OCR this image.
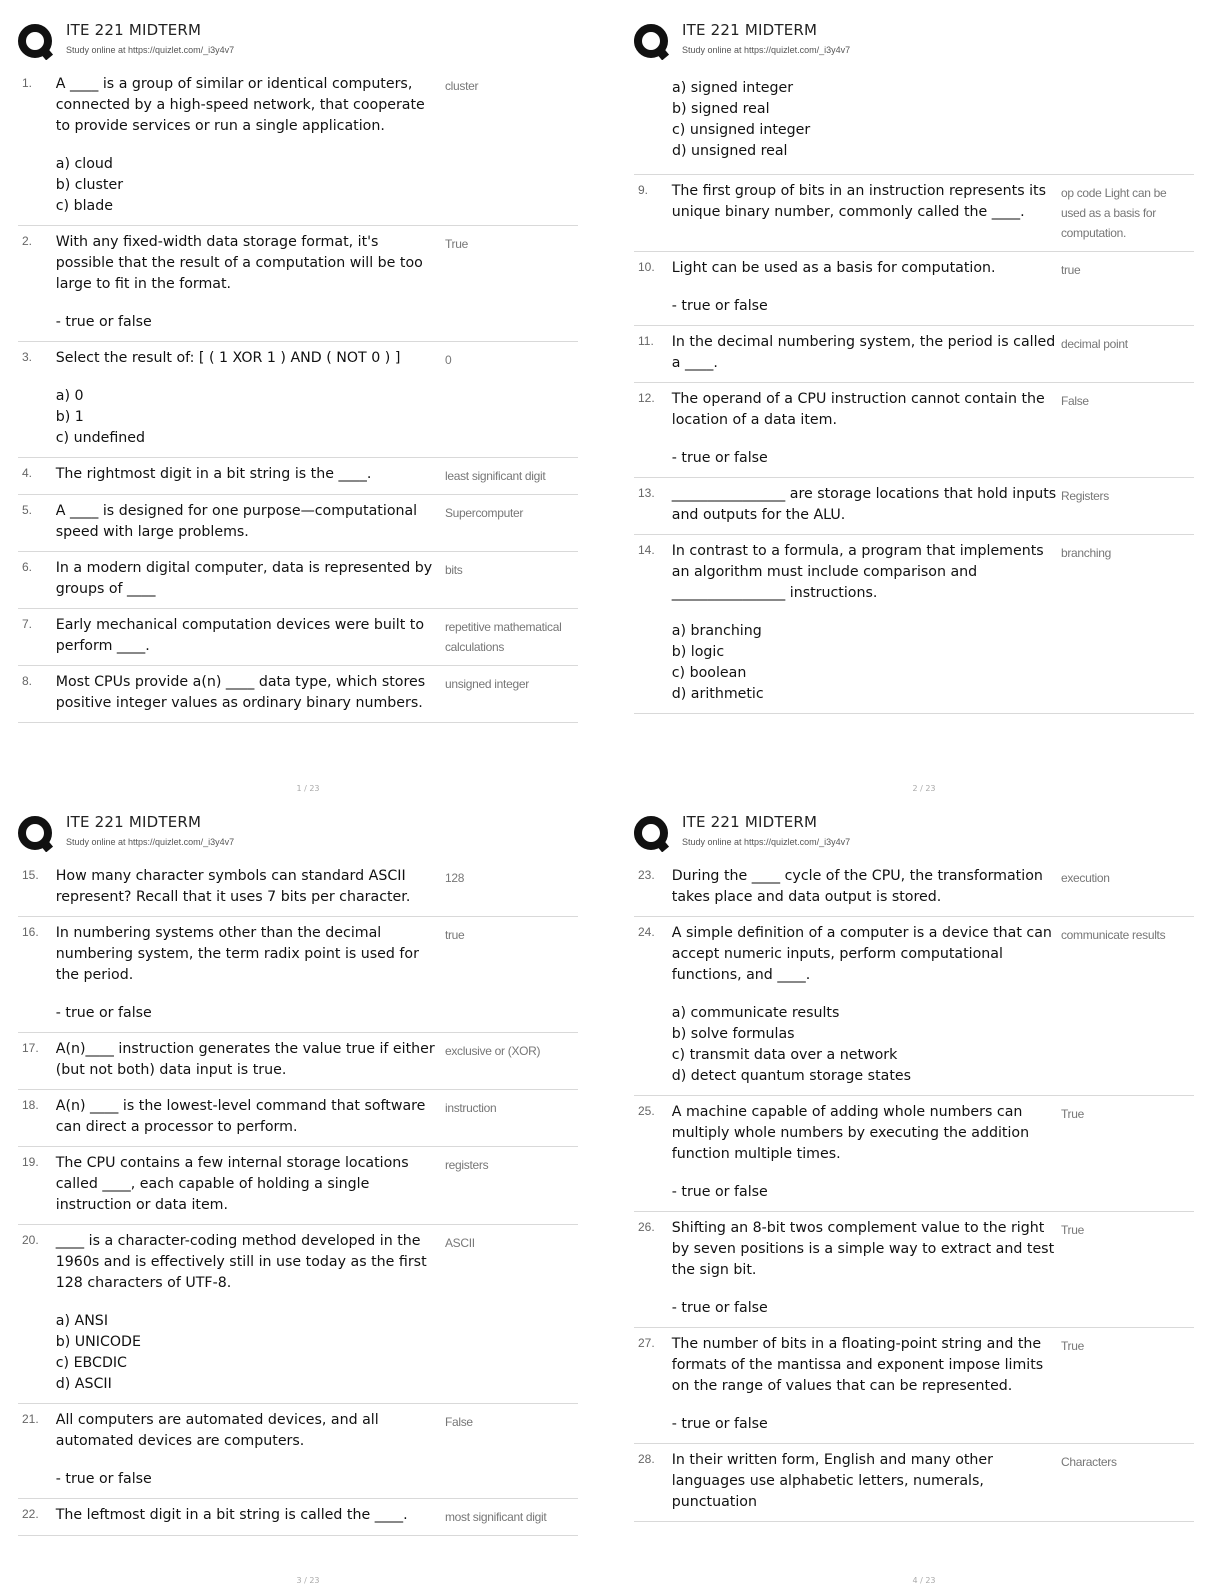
ITE 221 MIDTERM
Study online at https://quizlet.com/_i3y4v7
1.	A ____ is a group of similar or identical computers, connected by a high-speed network, that cooperate to provide services or run a single application.
a) cloud
b) cluster
c) blade
cluster
2.	With any fixed-width data storage format, it's possible that the result of a computation will be too large to fit in the format.
- true or false
True
3.	Select the result of: [ ( 1 XOR 1 ) AND ( NOT 0 ) ]
a) 0
b) 1
c) undefined
0
4.	The rightmost digit in a bit string is the ____.	least significant digit
5.	A ____ is designed for one purpose—computational speed with large problems.
Supercomputer
6.	In a modern digital computer, data is represented by groups of ____
bits
7.	Early mechanical computation devices were built to perform ____.
repetitive mathematical calculations
8.	Most CPUs provide a(n) ____ data type, which stores positive integer values as ordinary binary numbers.
unsigned integer
1 / 23
ITE 221 MIDTERM
Study online at https://quizlet.com/_i3y4v7
a) signed integer
b) signed real
c) unsigned integer
d) unsigned real
9.	The first group of bits in an instruction represents its unique binary number, commonly called the ____.
op code Light can be used as a basis for computation.
10.	Light can be used as a basis for computation.
- true or false
true
11.	In the decimal numbering system, the period is called a ____.
decimal point
12.	The operand of a CPU instruction cannot contain the location of a data item.
- true or false
False
13.	________________ are storage locations that hold inputs and outputs for the ALU.
Registers
14.	In contrast to a formula, a program that implements an algorithm must include comparison and ________________ instructions.
a) branching
b) logic
c) boolean
d) arithmetic
branching
2 / 23
ITE 221 MIDTERM
Study online at https://quizlet.com/_i3y4v7
15.	How many character symbols can standard ASCII represent? Recall that it uses 7 bits per character.
128
16.	In numbering systems other than the decimal numbering system, the term radix point is used for the period.
- true or false
true
17.	A(n)____ instruction generates the value true if either (but not both) data input is true.
exclusive or (XOR)
18.	A(n) ____ is the lowest-level command that software can direct a processor to perform.
instruction
19.	The CPU contains a few internal storage locations called ____, each capable of holding a single instruction or data item.
registers
20.	____ is a character-coding method developed in the 1960s and is effectively still in use today as the first 128 characters of UTF-8.
a) ANSI
b) UNICODE
c) EBCDIC
d) ASCII
ASCII
21.	All computers are automated devices, and all automated devices are computers.
- true or false
False
22.	The leftmost digit in a bit string is called the ____.	most significant digit
3 / 23
ITE 221 MIDTERM
Study online at https://quizlet.com/_i3y4v7
23.	During the ____ cycle of the CPU, the transformation takes place and data output is stored.
execution
24.	A simple definition of a computer is a device that can accept numeric inputs, perform computational functions, and ____.
a) communicate results
b) solve formulas
c) transmit data over a network
d) detect quantum storage states
communicate results
25.	A machine capable of adding whole numbers can multiply whole numbers by executing the addition function multiple times.
- true or false
True
26.	Shifting an 8-bit twos complement value to the right by seven positions is a simple way to extract and test the sign bit.
- true or false
True
27.	The number of bits in a floating-point string and the formats of the mantissa and exponent impose limits on the range of values that can be represented.
- true or false
True
28.	In their written form, English and many other languages use alphabetic letters, numerals, punctuation
Characters
4 / 23
